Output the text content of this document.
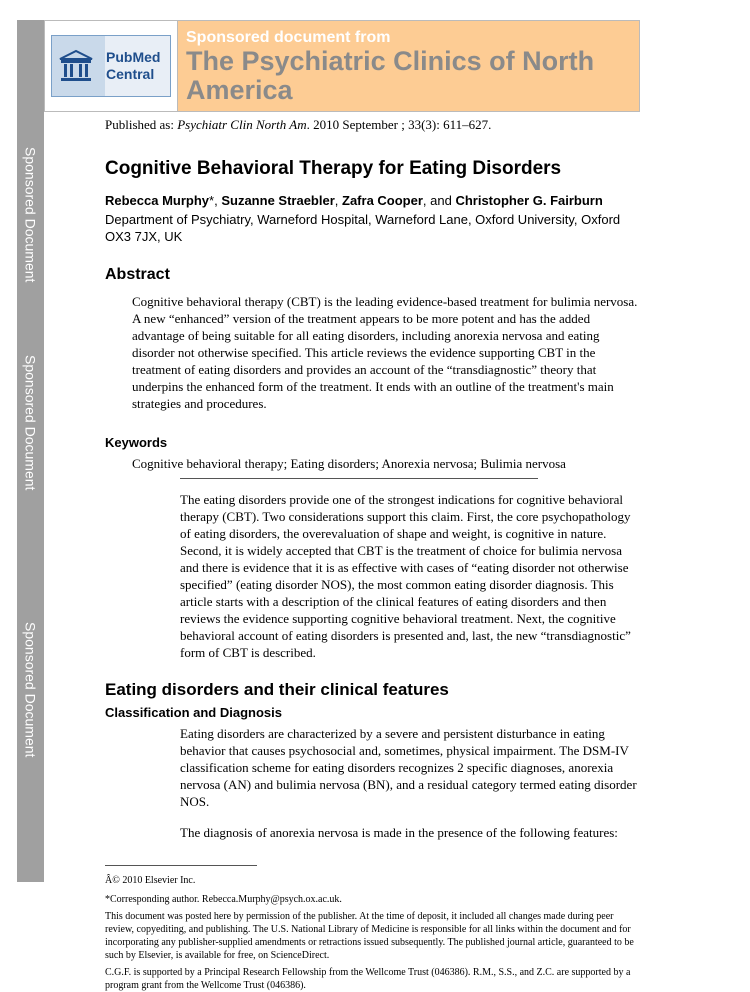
Sponsored Document
Sponsored Document
Sponsored Document
PubMed
Central
Sponsored document from
The Psychiatric Clinics of North America
Published as: Psychiatr Clin North Am. 2010 September ; 33(3): 611–627.
Cognitive Behavioral Therapy for Eating Disorders
Rebecca Murphy*, Suzanne Straebler, Zafra Cooper, and Christopher G. Fairburn
Department of Psychiatry, Warneford Hospital, Warneford Lane, Oxford University, Oxford OX3 7JX, UK
Abstract

Cognitive behavioral therapy (CBT) is the leading evidence-based treatment for bulimia nervosa. A new “enhanced” version of the treatment appears to be more potent and has the added advantage of being suitable for all eating disorders, including anorexia nervosa and eating disorder not otherwise specified. This article reviews the evidence supporting CBT in the treatment of eating disorders and provides an account of the “transdiagnostic” theory that underpins the enhanced form of the treatment. It ends with an outline of the treatment's main strategies and procedures.

Keywords
Cognitive behavioral therapy; Eating disorders; Anorexia nervosa; Bulimia nervosa

The eating disorders provide one of the strongest indications for cognitive behavioral therapy (CBT). Two considerations support this claim. First, the core psychopathology of eating disorders, the overevaluation of shape and weight, is cognitive in nature. Second, it is widely accepted that CBT is the treatment of choice for bulimia nervosa and there is evidence that it is as effective with cases of “eating disorder not otherwise specified” (eating disorder NOS), the most common eating disorder diagnosis. This article starts with a description of the clinical features of eating disorders and then reviews the evidence supporting cognitive behavioral treatment. Next, the cognitive behavioral account of eating disorders is presented and, last, the new “transdiagnostic” form of CBT is described.

Eating disorders and their clinical features
Classification and Diagnosis

Eating disorders are characterized by a severe and persistent disturbance in eating behavior that causes psychosocial and, sometimes, physical impairment. The DSM-IV classification scheme for eating disorders recognizes 2 specific diagnoses, anorexia nervosa (AN) and bulimia nervosa (BN), and a residual category termed eating disorder NOS.

The diagnosis of anorexia nervosa is made in the presence of the following features:

Â© 2010 Elsevier Inc.
*Corresponding author. Rebecca.Murphy@psych.ox.ac.uk.

This document was posted here by permission of the publisher. At the time of deposit, it included all changes made during peer review, copyediting, and publishing. The U.S. National Library of Medicine is responsible for all links within the document and for incorporating any publisher-supplied amendments or retractions issued subsequently. The published journal article, guaranteed to be such by Elsevier, is available for free, on ScienceDirect.

C.G.F. is supported by a Principal Research Fellowship from the Wellcome Trust (046386). R.M., S.S., and Z.C. are supported by a program grant from the Wellcome Trust (046386).
